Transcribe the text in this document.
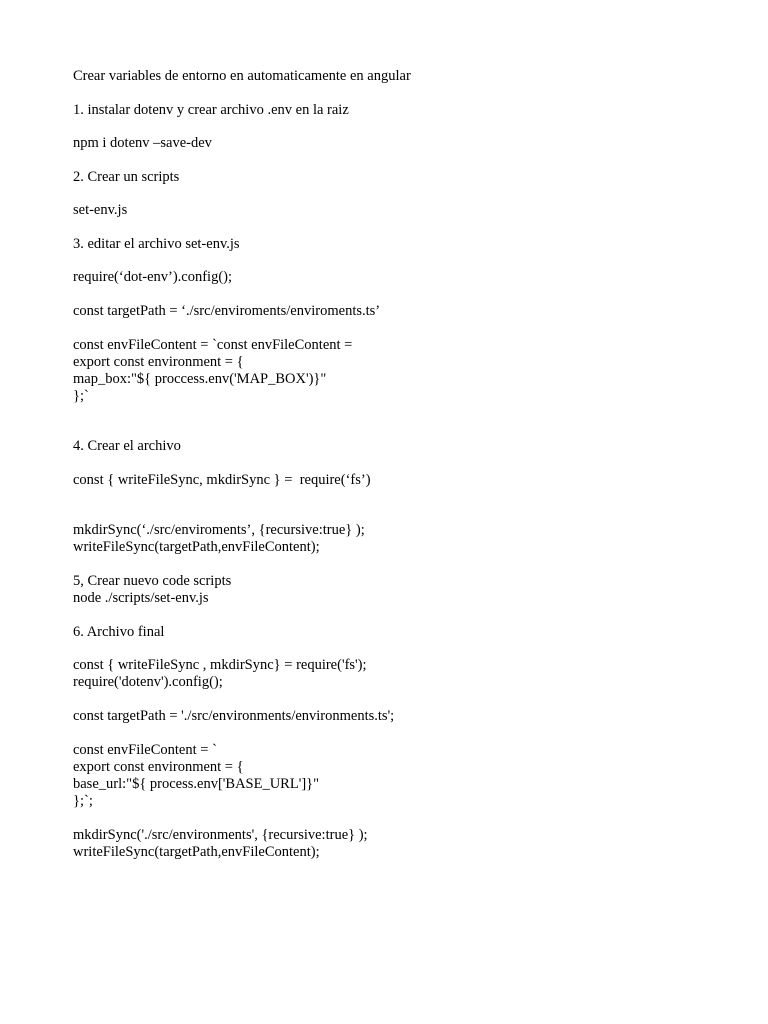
Crear variables de entorno en automaticamente en angular
1. instalar dotenv y crear archivo .env en la raiz
npm i dotenv –save-dev
2. Crear un scripts
set-env.js
3. editar el archivo set-env.js
require(‘dot-env’).config();
const targetPath = ‘./src/enviroments/enviroments.ts’
const envFileContent = `const envFileContent =
export const environment = {
map_box:"${ proccess.env('MAP_BOX')}"
};`
4. Crear el archivo
const { writeFileSync, mkdirSync } =  require(‘fs’)
mkdirSync(‘./src/enviroments’, {recursive:true} );
writeFileSync(targetPath,envFileContent);
5, Crear nuevo code scripts
node ./scripts/set-env.js
6. Archivo final
const { writeFileSync , mkdirSync} = require('fs');
require('dotenv').config();
const targetPath = './src/environments/environments.ts';
const envFileContent = `
export const environment = {
base_url:"${ process.env['BASE_URL']}"
};`;
mkdirSync('./src/environments', {recursive:true} );
writeFileSync(targetPath,envFileContent);
